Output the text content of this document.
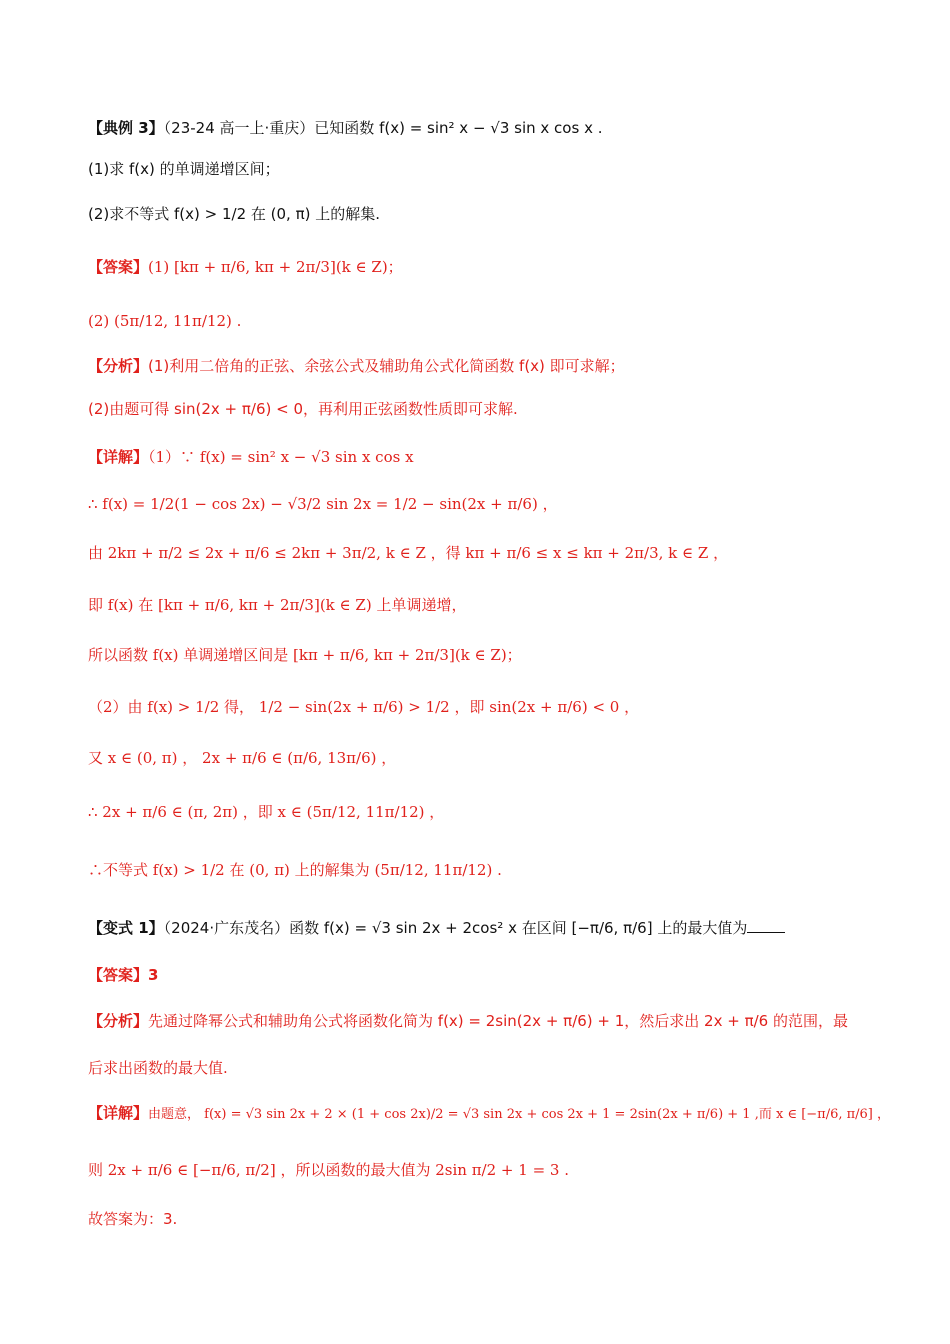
【典例 3】（23-24 高一上·重庆）已知函数 f(x) = sin² x − √3 sin x cos x .
(1)求 f(x) 的单调递增区间；
(2)求不等式 f(x) > 1/2 在 (0, π) 上的解集.
【答案】(1) [kπ + π/6, kπ + 2π/3](k ∈ Z)；
(2) (5π/12, 11π/12) .
【分析】(1)利用二倍角的正弦、余弦公式及辅助角公式化简函数 f(x) 即可求解；
(2)由题可得 sin(2x + π/6) < 0，再利用正弦函数性质即可求解.
【详解】（1）∵ f(x) = sin² x − √3 sin x cos x
∴ f(x) = 1/2(1 − cos 2x) − √3/2 sin 2x = 1/2 − sin(2x + π/6) ，
由 2kπ + π/2 ≤ 2x + π/6 ≤ 2kπ + 3π/2, k ∈ Z ，得 kπ + π/6 ≤ x ≤ kπ + 2π/3, k ∈ Z ，
即 f(x) 在 [kπ + π/6, kπ + 2π/3](k ∈ Z) 上单调递增，
所以函数 f(x) 单调递增区间是 [kπ + π/6, kπ + 2π/3](k ∈ Z)；
（2）由 f(x) > 1/2 得， 1/2 − sin(2x + π/6) > 1/2 ，即 sin(2x + π/6) < 0 ，
又 x ∈ (0, π) ， 2x + π/6 ∈ (π/6, 13π/6) ，
∴ 2x + π/6 ∈ (π, 2π) ，即 x ∈ (5π/12, 11π/12) ，
∴不等式 f(x) > 1/2 在 (0, π) 上的解集为 (5π/12, 11π/12) .
【变式 1】（2024·广东茂名）函数 f(x) = √3 sin 2x + 2cos² x 在区间 [−π/6, π/6] 上的最大值为
【答案】3
【分析】先通过降幂公式和辅助角公式将函数化简为 f(x) = 2sin(2x + π/6) + 1，然后求出 2x + π/6 的范围，最
后求出函数的最大值.
【详解】由题意， f(x) = √3 sin 2x + 2 × (1 + cos 2x)/2 = √3 sin 2x + cos 2x + 1 = 2sin(2x + π/6) + 1 ,而 x ∈ [−π/6, π/6] ，
则 2x + π/6 ∈ [−π/6, π/2] ，所以函数的最大值为 2sin π/2 + 1 = 3 .
故答案为：3.
